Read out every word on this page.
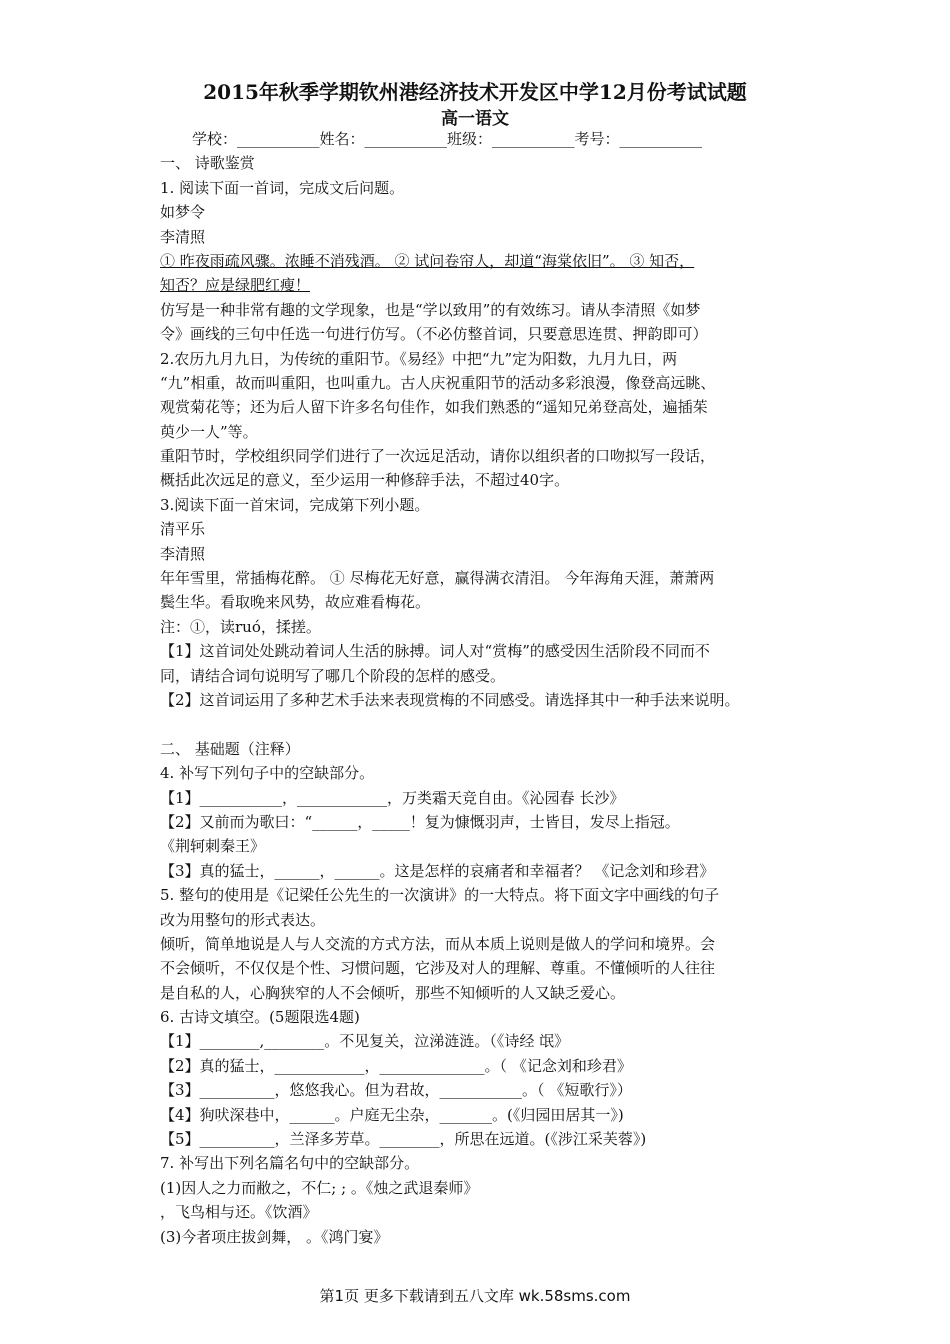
2015年秋季学期钦州港经济技术开发区中学12月份考试试题
高一语文
学校：___________姓名：___________班级：___________考号：___________
一、 诗歌鉴赏
1. 阅读下面一首词，完成文后问题。
如梦令
李清照
① 昨夜雨疏风骤。浓睡不消残酒。 ② 试问卷帘人，却道“海棠依旧”。 ③ 知否，
知否？应是绿肥红瘦！
仿写是一种非常有趣的文学现象，也是“学以致用”的有效练习。请从李清照《如梦
令》画线的三句中任选一句进行仿写。（不必仿整首词，只要意思连贯、押韵即可）
2.农历九月九日，为传统的重阳节。《易经》中把“九”定为阳数，九月九日，两
“九”相重，故而叫重阳，也叫重九。古人庆祝重阳节的活动多彩浪漫，像登高远眺、
观赏菊花等；还为后人留下许多名句佳作，如我们熟悉的“遥知兄弟登高处，遍插茱
萸少一人”等。
重阳节时，学校组织同学们进行了一次远足活动，请你以组织者的口吻拟写一段话，
概括此次远足的意义，至少运用一种修辞手法，不超过40字。
3.阅读下面一首宋词，完成第下列小题。
清平乐
李清照
年年雪里，常插梅花醉。 ① 尽梅花无好意，赢得满衣清泪。 今年海角天涯，萧萧两
鬓生华。看取晚来风势，故应难看梅花。
注：①，读ruó，揉搓。
【1】这首词处处跳动着词人生活的脉搏。词人对“赏梅”的感受因生活阶段不同而不
同，请结合词句说明写了哪几个阶段的怎样的感受。
【2】这首词运用了多种艺术手法来表现赏梅的不同感受。请选择其中一种手法来说明。
二、 基础题（注释）
4. 补写下列句子中的空缺部分。
【1】___________，____________，万类霜天竞自由。《沁园春 长沙》
【2】又前而为歌曰：“______，_____！复为慷慨羽声，士皆目，发尽上指冠。
《荆轲刺秦王》
【3】真的猛士，______，______。这是怎样的哀痛者和幸福者？ 《记念刘和珍君》
5. 整句的使用是《记梁任公先生的一次演讲》的一大特点。将下面文字中画线的句子
改为用整句的形式表达。
倾听，简单地说是人与人交流的方式方法，而从本质上说则是做人的学问和境界。会
不会倾听，不仅仅是个性、习惯问题，它涉及对人的理解、尊重。不懂倾听的人往往
是自私的人，心胸狭窄的人不会倾听，那些不知倾听的人又缺乏爱心。
6. 古诗文填空。(5题限选4题)
【1】________,________。不见复关，泣涕涟涟。（《诗经 氓》
【2】真的猛士，____________，______________。（ 《记念刘和珍君》
【3】__________，悠悠我心。但为君故，___________。（ 《短歌行》）
【4】狗吠深巷中，______。户庭无尘杂，_______。(《归园田居其一》)
【5】__________，兰泽多芳草。________，所思在远道。(《涉江采芙蓉》)
7. 补写出下列名篇名句中的空缺部分。
(1)因人之力而敝之，不仁; ; 。《烛之武退秦师》
，飞鸟相与还。《饮酒》
(3)今者项庄拔剑舞， 。《鸿门宴》
第1页 更多下载请到五八文库 wk.58sms.com
